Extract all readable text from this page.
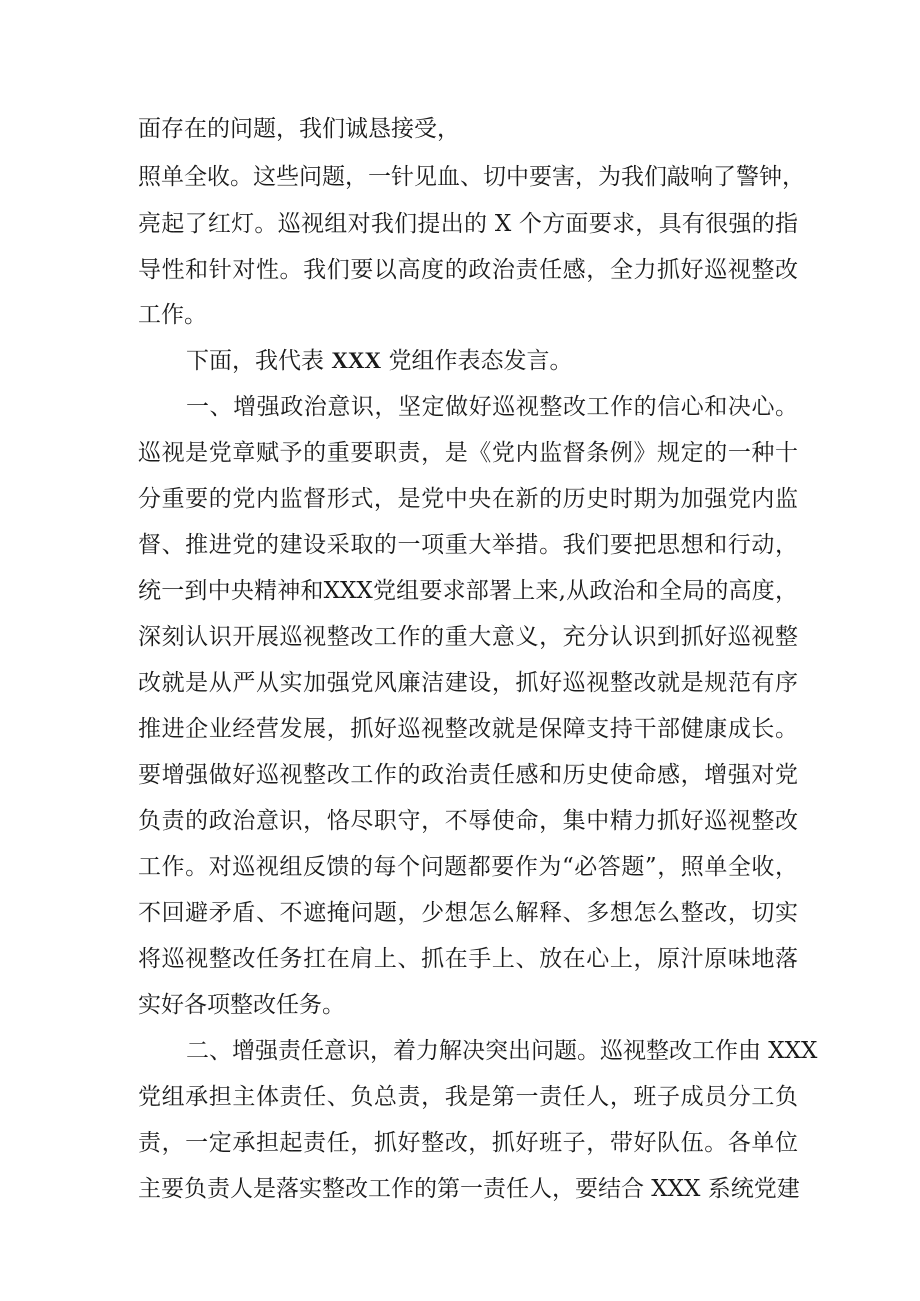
面存在的问题，我们诚恳接受，
照单全收。这些问题，一针见血、切中要害，为我们敲响了警钟，
亮起了红灯。巡视组对我们提出的 X 个方面要求，具有很强的指
导性和针对性。我们要以高度的政治责任感，全力抓好巡视整改
工作。
下面，我代表 XXX 党组作表态发言。
一、增强政治意识，坚定做好巡视整改工作的信心和决心。
巡视是党章赋予的重要职责，是《党内监督条例》规定的一种十
分重要的党内监督形式，是党中央在新的历史时期为加强党内监
督、推进党的建设采取的一项重大举措。我们要把思想和行动，
统一到中央精神和XXX党组要求部署上来,从政治和全局的高度，
深刻认识开展巡视整改工作的重大意义，充分认识到抓好巡视整
改就是从严从实加强党风廉洁建设，抓好巡视整改就是规范有序
推进企业经营发展，抓好巡视整改就是保障支持干部健康成长。
要增强做好巡视整改工作的政治责任感和历史使命感，增强对党
负责的政治意识，恪尽职守，不辱使命，集中精力抓好巡视整改
工作。对巡视组反馈的每个问题都要作为“必答题”，照单全收，
不回避矛盾、不遮掩问题，少想怎么解释、多想怎么整改，切实
将巡视整改任务扛在肩上、抓在手上、放在心上，原汁原味地落
实好各项整改任务。
二、增强责任意识，着力解决突出问题。巡视整改工作由 XXX
党组承担主体责任、负总责，我是第一责任人，班子成员分工负
责，一定承担起责任，抓好整改，抓好班子，带好队伍。各单位
主要负责人是落实整改工作的第一责任人，要结合 XXX 系统党建
